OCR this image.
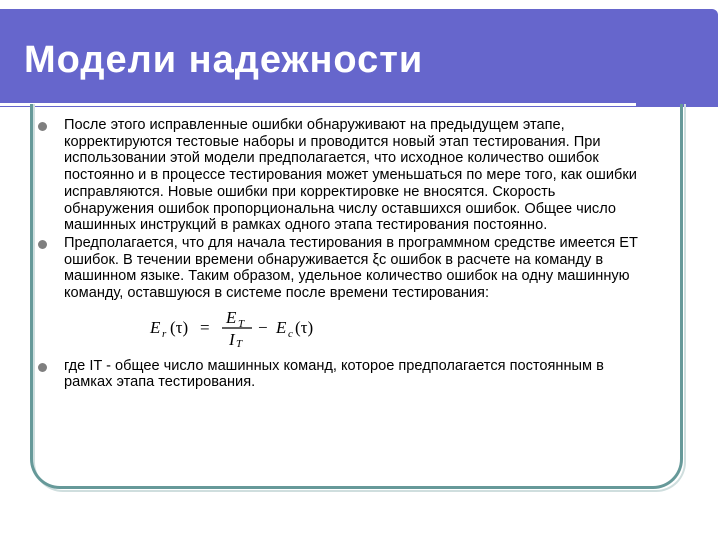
Модели надежности

После этого исправленные ошибки обнаруживают на предыдущем этапе, корректируются тестовые наборы и проводится новый этап тестирования. При использовании этой модели предполагается, что исходное количество ошибок постоянно и в процессе тестирования может уменьшаться по мере того, как ошибки исправляются. Новые ошибки при корректировке не вносятся. Скорость обнаружения ошибок пропорциональна числу оставшихся ошибок. Общее число машинных инструкций в рамках одного этапа тестирования постоянно.

Предполагается, что для начала тестирования в программном средстве имеется ЕТ ошибок. В течении времени обнаруживается ξс ошибок в расчете на команду в машинном языке. Таким образом, удельное количество ошибок на одну машинную команду, оставшуюся в системе после времени тестирования:

E r (τ) =
E T
I T
− E c (τ)

где IT - общее число машинных команд, которое предполагается постоянным в рамках этапа тестирования.
